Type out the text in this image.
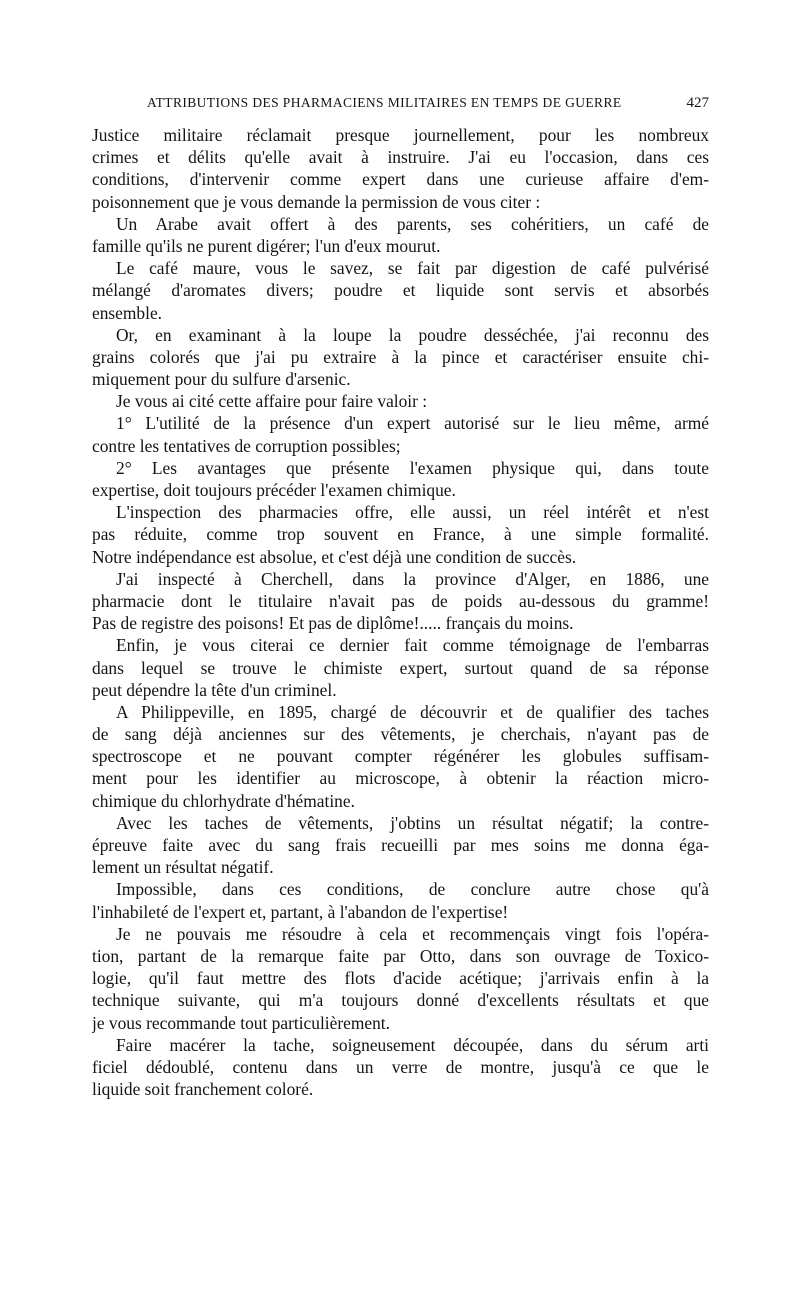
ATTRIBUTIONS DES PHARMACIENS MILITAIRES EN TEMPS DE GUERRE	427
Justice militaire réclamait presque journellement, pour les nombreux
crimes et délits qu'elle avait à instruire. J'ai eu l'occasion, dans ces
conditions, d'intervenir comme expert dans une curieuse affaire d'em-
poisonnement que je vous demande la permission de vous citer :
Un Arabe avait offert à des parents, ses cohéritiers, un café de
famille qu'ils ne purent digérer; l'un d'eux mourut.
Le café maure, vous le savez, se fait par digestion de café pulvérisé
mélangé d'aromates divers; poudre et liquide sont servis et absorbés
ensemble.
Or, en examinant à la loupe la poudre desséchée, j'ai reconnu des
grains colorés que j'ai pu extraire à la pince et caractériser ensuite chi-
miquement pour du sulfure d'arsenic.
Je vous ai cité cette affaire pour faire valoir :
1° L'utilité de la présence d'un expert autorisé sur le lieu même, armé
contre les tentatives de corruption possibles;
2° Les avantages que présente l'examen physique qui, dans toute
expertise, doit toujours précéder l'examen chimique.
L'inspection des pharmacies offre, elle aussi, un réel intérêt et n'est
pas réduite, comme trop souvent en France, à une simple formalité.
Notre indépendance est absolue, et c'est déjà une condition de succès.
J'ai inspecté à Cherchell, dans la province d'Alger, en 1886, une
pharmacie dont le titulaire n'avait pas de poids au-dessous du gramme!
Pas de registre des poisons! Et pas de diplôme!..... français du moins.
Enfin, je vous citerai ce dernier fait comme témoignage de l'embarras
dans lequel se trouve le chimiste expert, surtout quand de sa réponse
peut dépendre la tête d'un criminel.
A Philippeville, en 1895, chargé de découvrir et de qualifier des taches
de sang déjà anciennes sur des vêtements, je cherchais, n'ayant pas de
spectroscope et ne pouvant compter régénérer les globules suffisam-
ment pour les identifier au microscope, à obtenir la réaction micro-
chimique du chlorhydrate d'hématine.
Avec les taches de vêtements, j'obtins un résultat négatif; la contre-
épreuve faite avec du sang frais recueilli par mes soins me donna éga-
lement un résultat négatif.
Impossible, dans ces conditions, de conclure autre chose qu'à
l'inhabileté de l'expert et, partant, à l'abandon de l'expertise!
Je ne pouvais me résoudre à cela et recommençais vingt fois l'opéra-
tion, partant de la remarque faite par Otto, dans son ouvrage de Toxico-
logie, qu'il faut mettre des flots d'acide acétique; j'arrivais enfin à la
technique suivante, qui m'a toujours donné d'excellents résultats et que
je vous recommande tout particulièrement.
Faire macérer la tache, soigneusement découpée, dans du sérum arti
ficiel dédoublé, contenu dans un verre de montre, jusqu'à ce que le
liquide soit franchement coloré.
